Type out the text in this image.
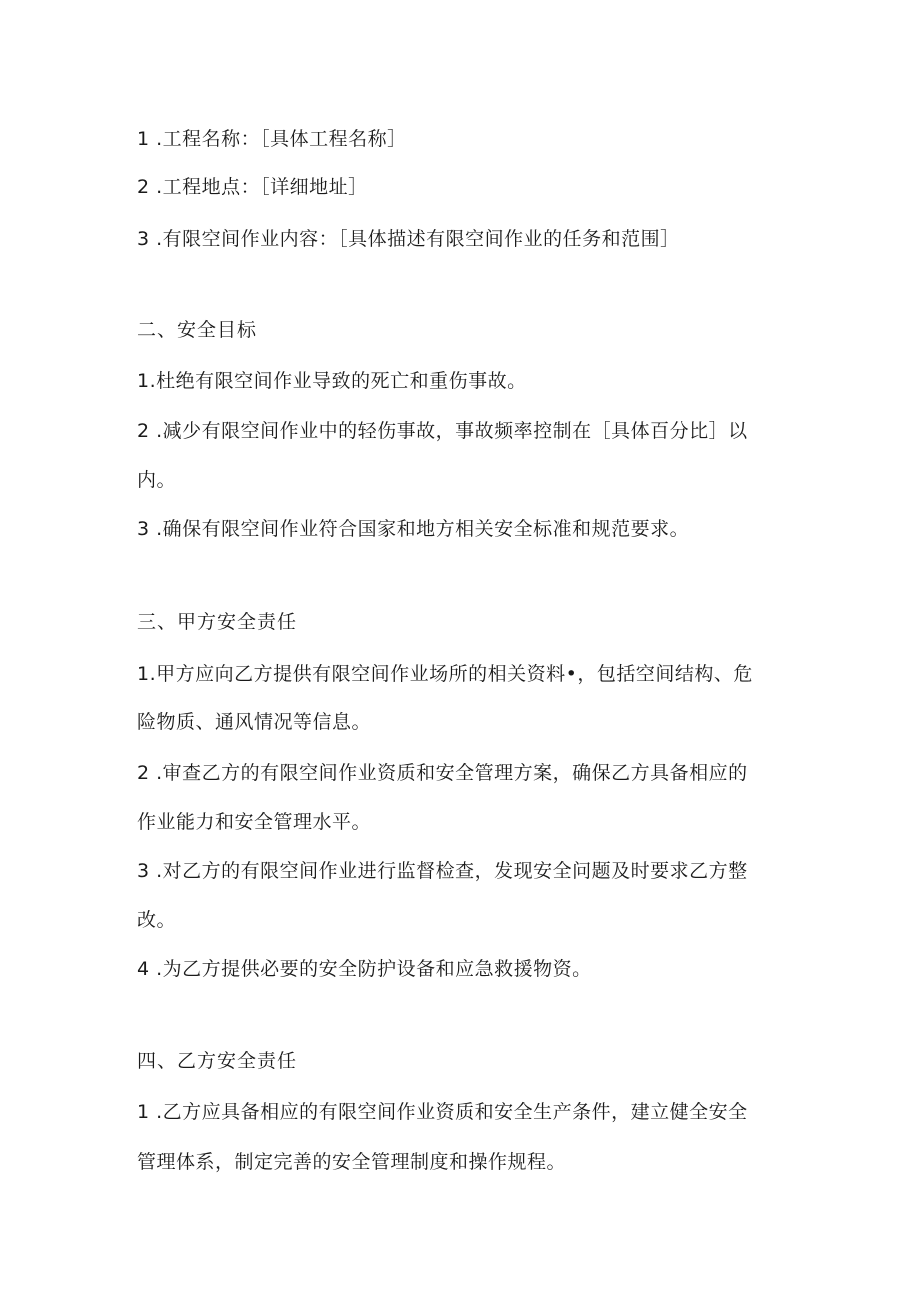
1 .工程名称：［具体工程名称］
2 .工程地点：［详细地址］
3 .有限空间作业内容：［具体描述有限空间作业的任务和范围］
二、安全目标
1.杜绝有限空间作业导致的死亡和重伤事故。
2 .减少有限空间作业中的轻伤事故，事故频率控制在［具体百分比］以
内。
3 .确保有限空间作业符合国家和地方相关安全标准和规范要求。
三、甲方安全责任
1.甲方应向乙方提供有限空间作业场所的相关资料•，包括空间结构、危
险物质、通风情况等信息。
2 .审查乙方的有限空间作业资质和安全管理方案，确保乙方具备相应的
作业能力和安全管理水平。
3 .对乙方的有限空间作业进行监督检查，发现安全问题及时要求乙方整
改。
4 .为乙方提供必要的安全防护设备和应急救援物资。
四、乙方安全责任
1 .乙方应具备相应的有限空间作业资质和安全生产条件，建立健全安全
管理体系，制定完善的安全管理制度和操作规程。
